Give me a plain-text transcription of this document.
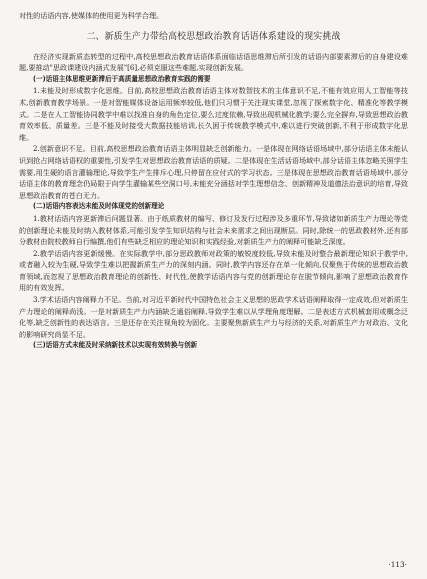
对性的话语内容,使媒体的使用更为科学合理。

二、新质生产力带给高校思想政治教育话语体系建设的现实挑战

在经济实现新质态转型的过程中,高校思想政治教育话语体系面临话语思维滞后所引发的话语内部要素滞后的自身建设难题,要推动"思政课建设内涵式发展"[6],必须克服这些难题,实现创新发展。

(一)话语主体思维更新滞后于高质量思想政治教育实践的需要

1.未能及时形成数字化思维。目前,高校思想政治教育话语主体对数智技术的主体意识不足,不能有效应用人工智能等技术,创新教育教学场景。一是对智能媒体设备运用频率较低,他们只习惯于关注现实课堂,忽视了探索数字化、精准化等教学模式。二是在人工智能协同教学中难以找准自身的角色定位,要么过度依赖,导致出现机械化教学;要么完全摒弃,导致思想政治教育效率低、质量差。三是不能及时接受大数据技能培训,长久困于传统教学模式中,难以进行突破创新,不利于形成数字化思维。

2.创新意识不足。目前,高校思想政治教育话语主体明显缺乏创新能力。一是体现在网络话语场域中,部分话语主体未能认识到抢占网络话语权的重要性,引发学生对思想政治教育话语的质疑。二是体现在生活话语场域中,部分话语主体忽略关照学生需要,用生硬的语言灌输理论,导致学生产生排斥心理,只停留在应付式的学习状态。三是体现在思想政治教育话语场域中,部分话语主体的教育理念仍局限于向学生灌输某些空洞口号,未能充分涵括对学生理想信念、创新精神及道德法治意识的培育,导致思想政治教育的苍白无力。

(二)话语内容表达未能及时体现党的创新理论

1.教材话语内容更新滞后问题显著。由于纸质教材的编写、修订及发行过程涉及多重环节,导致诸如新质生产力理论等党的创新理论未能及时纳入教材体系,可能引发学生知识结构与社会未来需求之间出现断层。同时,除统一的思政教材外,还有部分教材由院校教师自行编撰,他们有些缺乏相应的理论知识和实践经验,对新质生产力的阐释可能缺乏深度。

2.教学话语内容更新缓慢。在实际教学中,部分思政教师对政策的敏锐度较低,导致未能及时整合最新理论知识于教学中,或者融入较为生硬,导致学生难以把握新质生产力的深刻内涵。同时,教学内容还存在单一化倾向,仅聚焦于传统的思想政治教育领域,而忽视了思想政治教育理论的创新性、时代性,使教学话语内容与党的创新理论存在脱节倾向,影响了思想政治教育作用的有效发挥。

3.学术话语内容阐释力不足。当前,对习近平新时代中国特色社会主义思想的思政学术话语阐释取得一定成效,但对新质生产力理论的阐释尚浅。一是对新质生产力内涵缺乏通俗阐释,导致学生难以从学理角度理解。二是表述方式机械套用或概念泛化等,缺乏创新性的表达语言。三是还存在关注视角较为固化。主要聚焦新质生产力与经济的关系,对新质生产力对政治、文化的影响研究尚显不足。

(三)话语方式未能及时采纳新技术以实现有效转换与创新
·113·
